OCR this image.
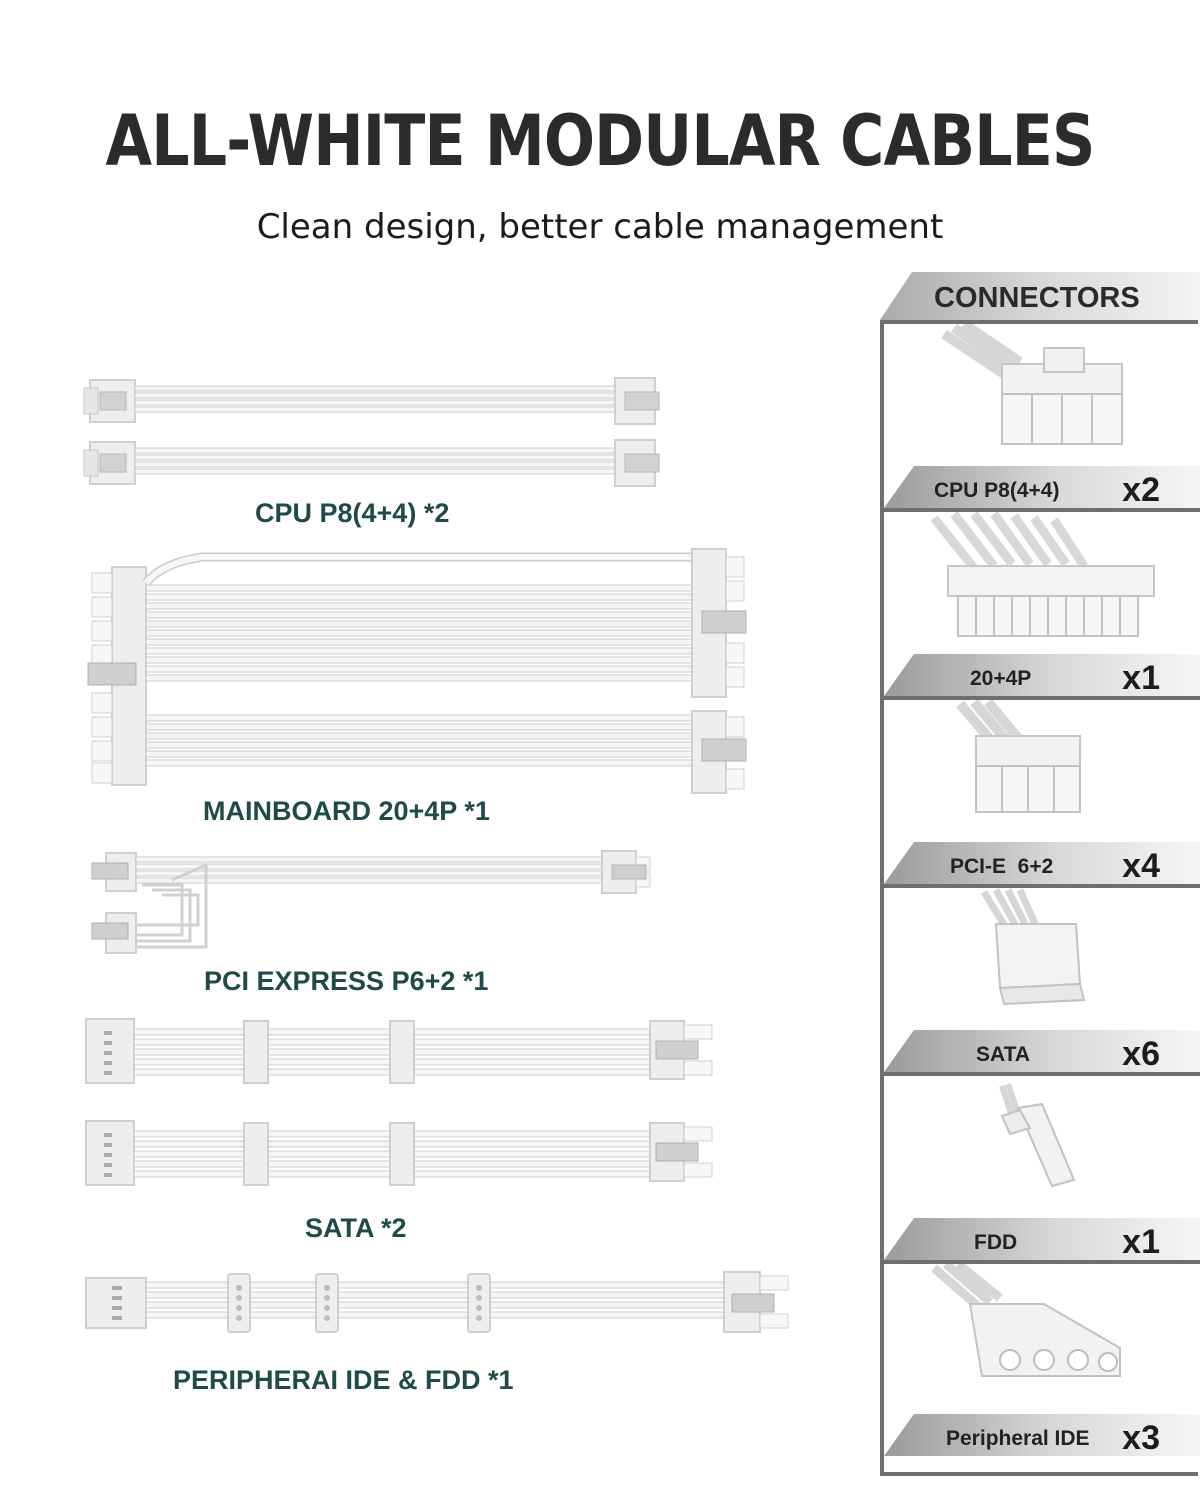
ALL-WHITE MODULAR CABLES

Clean design, better cable management

CPU P8(4+4) *2
MAINBOARD 20+4P *1
PCI EXPRESS P6+2 *1
SATA *2
PERIPHERAI IDE & FDD *1
CONNECTORS
CPU P8(4+4) x2
20+4P	x1
PCI-E  6+2 x4
SATA	x6
FDD	x1
Peripheral IDE x3
